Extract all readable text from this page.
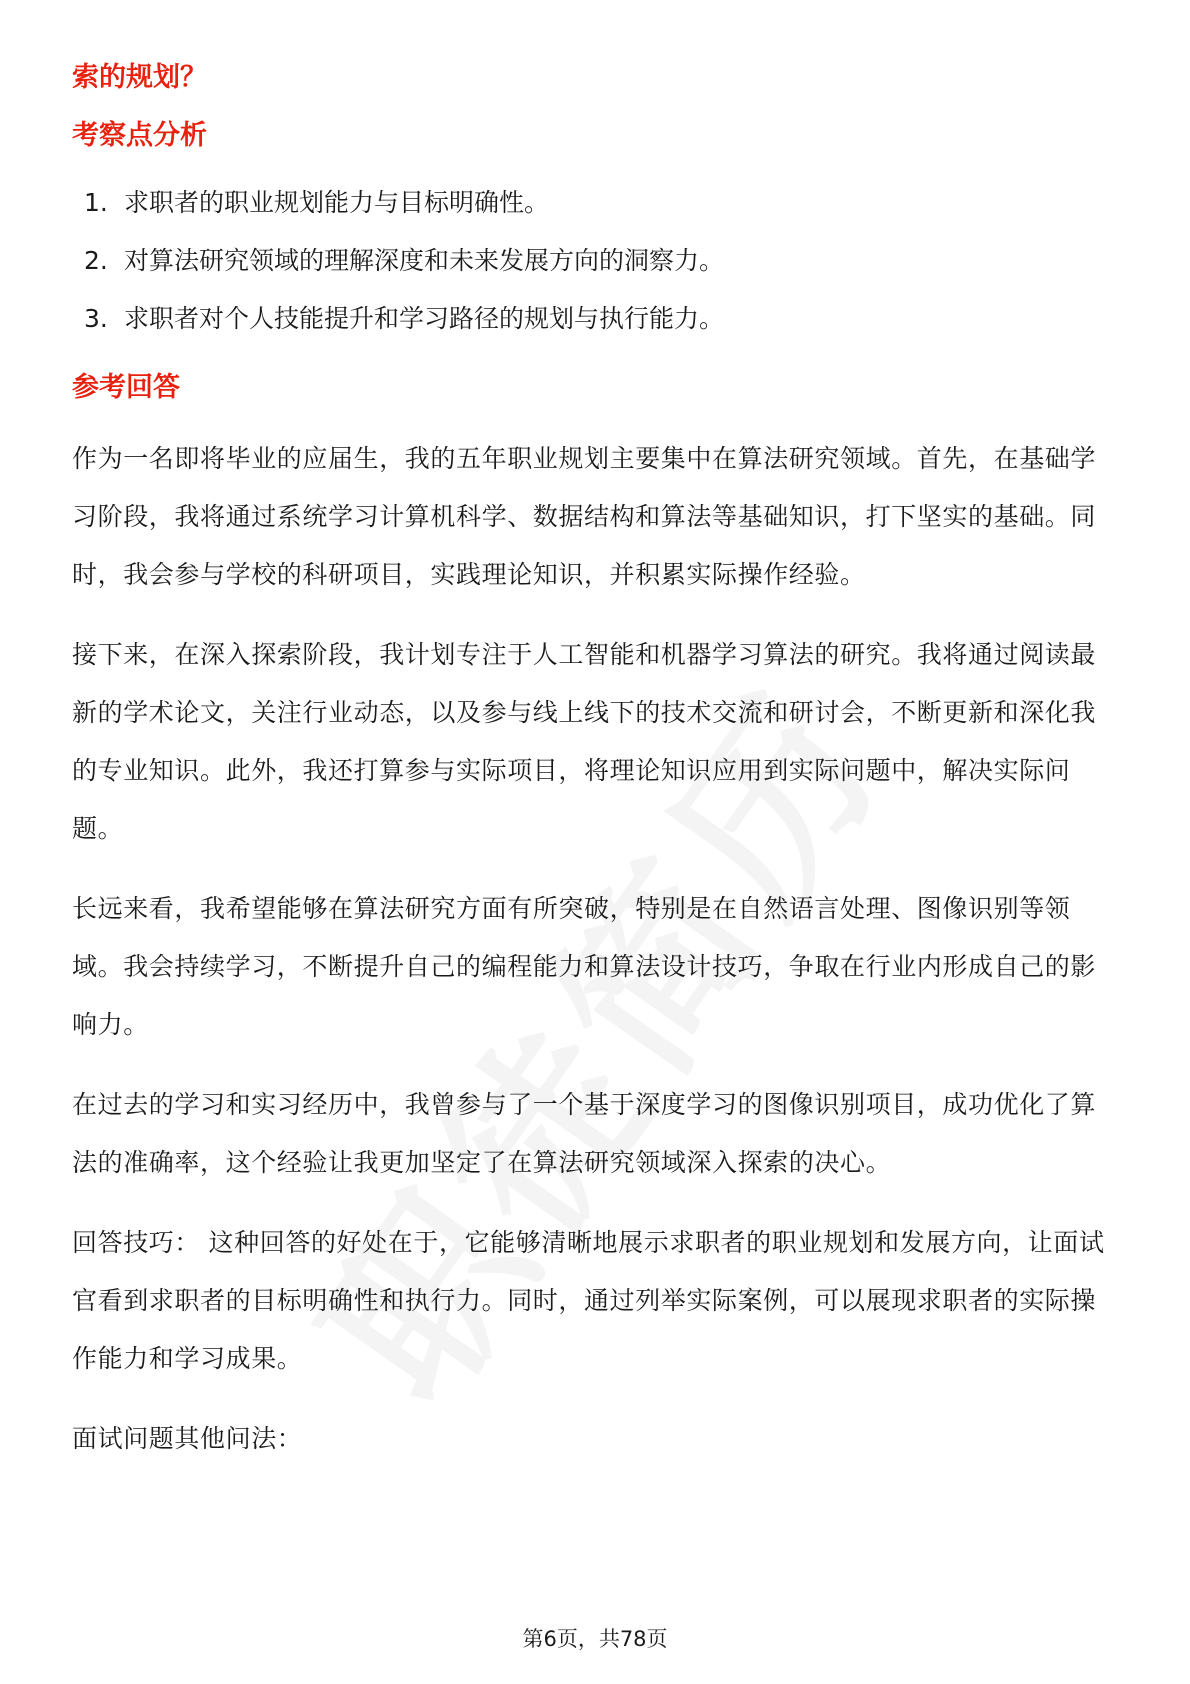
索的规划？
考察点分析
1. 求职者的职业规划能力与目标明确性。
2. 对算法研究领域的理解深度和未来发展方向的洞察力。
3. 求职者对个人技能提升和学习路径的规划与执行能力。
参考回答

作为一名即将毕业的应届生，我的五年职业规划主要集中在算法研究领域。首先，在基础学习阶段，我将通过系统学习计算机科学、数据结构和算法等基础知识，打下坚实的基础。同时，我会参与学校的科研项目，实践理论知识，并积累实际操作经验。

接下来，在深入探索阶段，我计划专注于人工智能和机器学习算法的研究。我将通过阅读最新的学术论文，关注行业动态，以及参与线上线下的技术交流和研讨会，不断更新和深化我的专业知识。此外，我还打算参与实际项目，将理论知识应用到实际问题中，解决实际问题。

长远来看，我希望能够在算法研究方面有所突破，特别是在自然语言处理、图像识别等领域。我会持续学习，不断提升自己的编程能力和算法设计技巧，争取在行业内形成自己的影响力。

在过去的学习和实习经历中，我曾参与了一个基于深度学习的图像识别项目，成功优化了算法的准确率，这个经验让我更加坚定了在算法研究领域深入探索的决心。

回答技巧： 这种回答的好处在于，它能够清晰地展示求职者的职业规划和发展方向，让面试官看到求职者的目标明确性和执行力。同时，通过列举实际案例，可以展现求职者的实际操作能力和学习成果。

面试问题其他问法：

第6页，共78页
